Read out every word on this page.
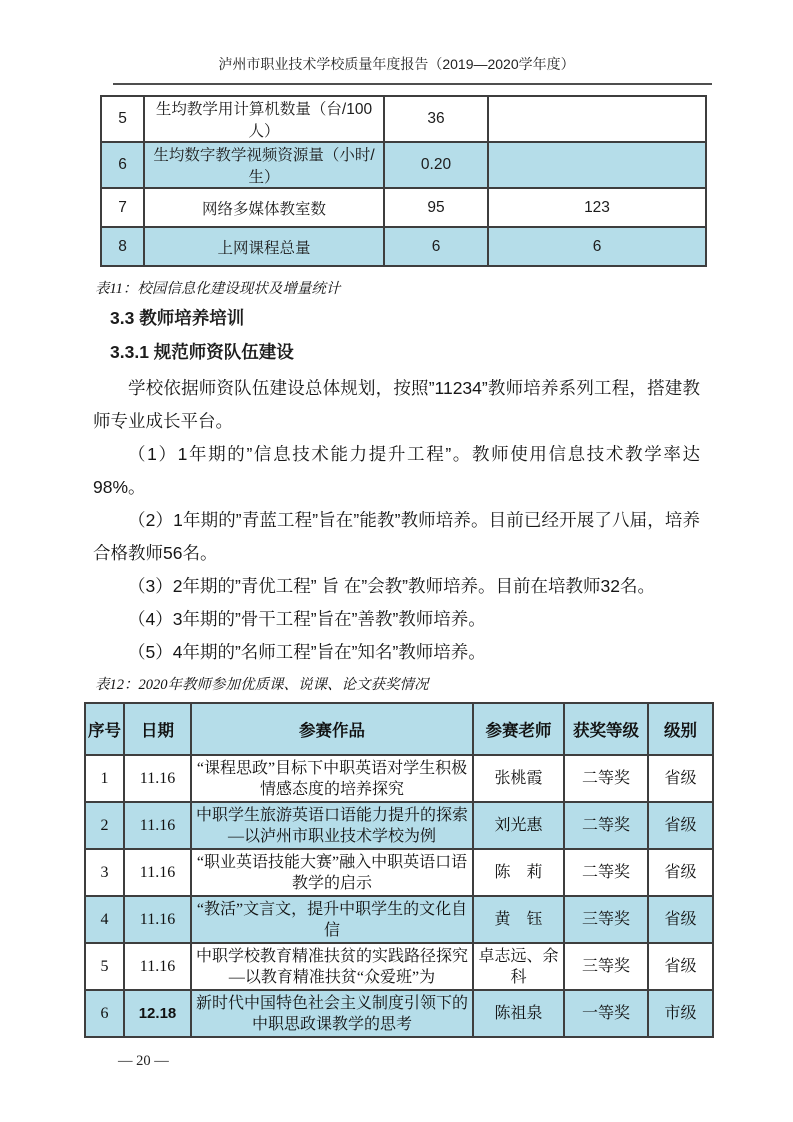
泸州市职业技术学校质量年度报告（2019—2020学年度）
5	生均教学用计算机数量（台/100人）	36	
6	生均数字教学视频资源量（小时/生）	0.20	
7	网络多媒体教室数	95	123
8	上网课程总量	6	6
表11：校园信息化建设现状及增量统计
3.3 教师培养培训
3.3.1 规范师资队伍建设

学校依据师资队伍建设总体规划，按照”11234”教师培养系列工程，搭建教师专业成长平台。

（1）1年期的”信息技术能力提升工程”。教师使用信息技术教学率达98%。

（2）1年期的”青蓝工程”旨在”能教”教师培养。目前已经开展了八届，培养合格教师56名。

（3）2年期的”青优工程” 旨 在”会教”教师培养。目前在培教师32名。

（4）3年期的”骨干工程”旨在”善教”教师培养。

（5）4年期的”名师工程”旨在”知名”教师培养。

表12：2020年教师参加优质课、说课、论文获奖情况
序号	日期	参赛作品	参赛老师	获奖等级	级别
1	11.16	“课程思政”目标下中职英语对学生积极情感态度的培养探究	张桃霞	二等奖	省级
2	11.16	中职学生旅游英语口语能力提升的探索—以泸州市职业技术学校为例	刘光惠	二等奖	省级
3	11.16	“职业英语技能大赛”融入中职英语口语教学的启示	陈　莉	二等奖	省级
4	11.16	“教活”文言文，提升中职学生的文化自信	黄　钰	三等奖	省级
5	11.16	中职学校教育精准扶贫的实践路径探究—以教育精准扶贫“众爱班”为	卓志远、余　科	三等奖	省级
6	12.18	新时代中国特色社会主义制度引领下的中职思政课教学的思考	陈祖泉	一等奖	市级
— 20 —
